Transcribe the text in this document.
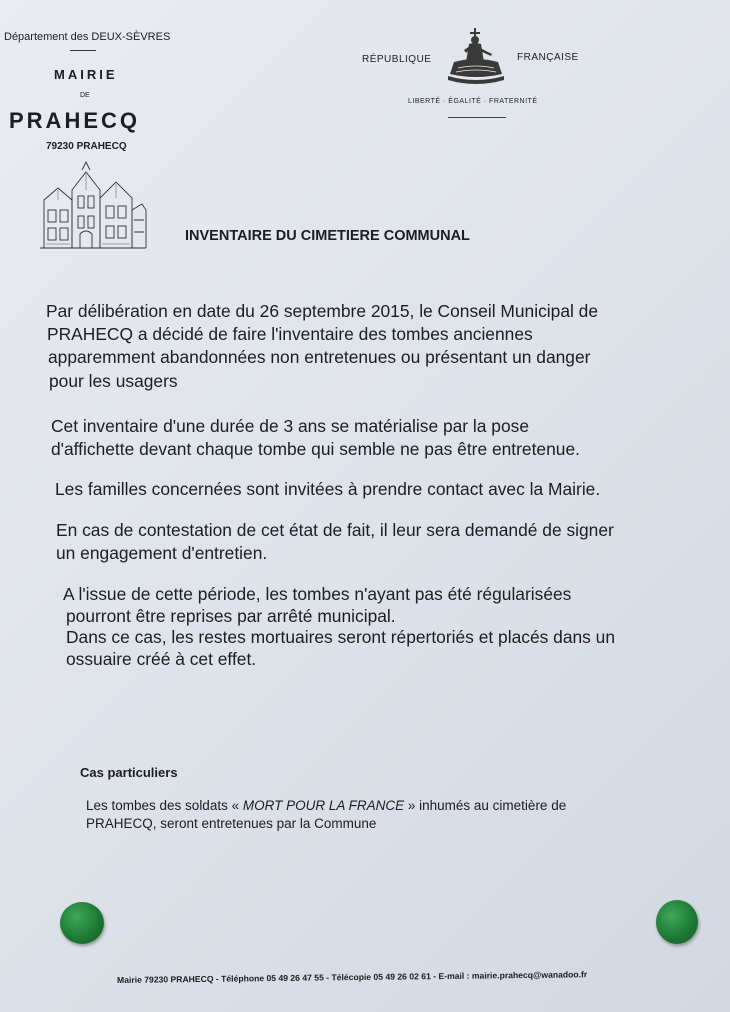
Département des DEUX-SÈVRES
MAIRIE
DE
PRAHECQ
79230 PRAHECQ
RÉPUBLIQUE	FRANÇAISE
LIBERTÉ · ÉGALITÉ · FRATERNITÉ
INVENTAIRE DU CIMETIERE COMMUNAL
Par délibération en date du 26 septembre 2015, le Conseil Municipal de
PRAHECQ a décidé de faire l'inventaire des tombes anciennes
apparemment abandonnées non entretenues ou présentant un danger
pour les usagers
Cet inventaire d'une durée de 3 ans se matérialise par la pose
d'affichette devant chaque tombe qui semble ne pas être entretenue.
Les familles concernées sont invitées à prendre contact avec la Mairie.
En cas de contestation de cet état de fait, il leur sera demandé de signer
un engagement d'entretien.
A l'issue de cette période, les tombes n'ayant pas été régularisées
pourront être reprises par arrêté municipal.
Dans ce cas, les restes mortuaires seront répertoriés et placés dans un
ossuaire créé à cet effet.
Cas particuliers
Les tombes des soldats « MORT POUR LA FRANCE » inhumés au cimetière de
PRAHECQ, seront entretenues par la Commune
Mairie 79230 PRAHECQ - Téléphone 05 49 26 47 55 - Télécopie 05 49 26 02 61 - E-mail : mairie.prahecq@wanadoo.fr
